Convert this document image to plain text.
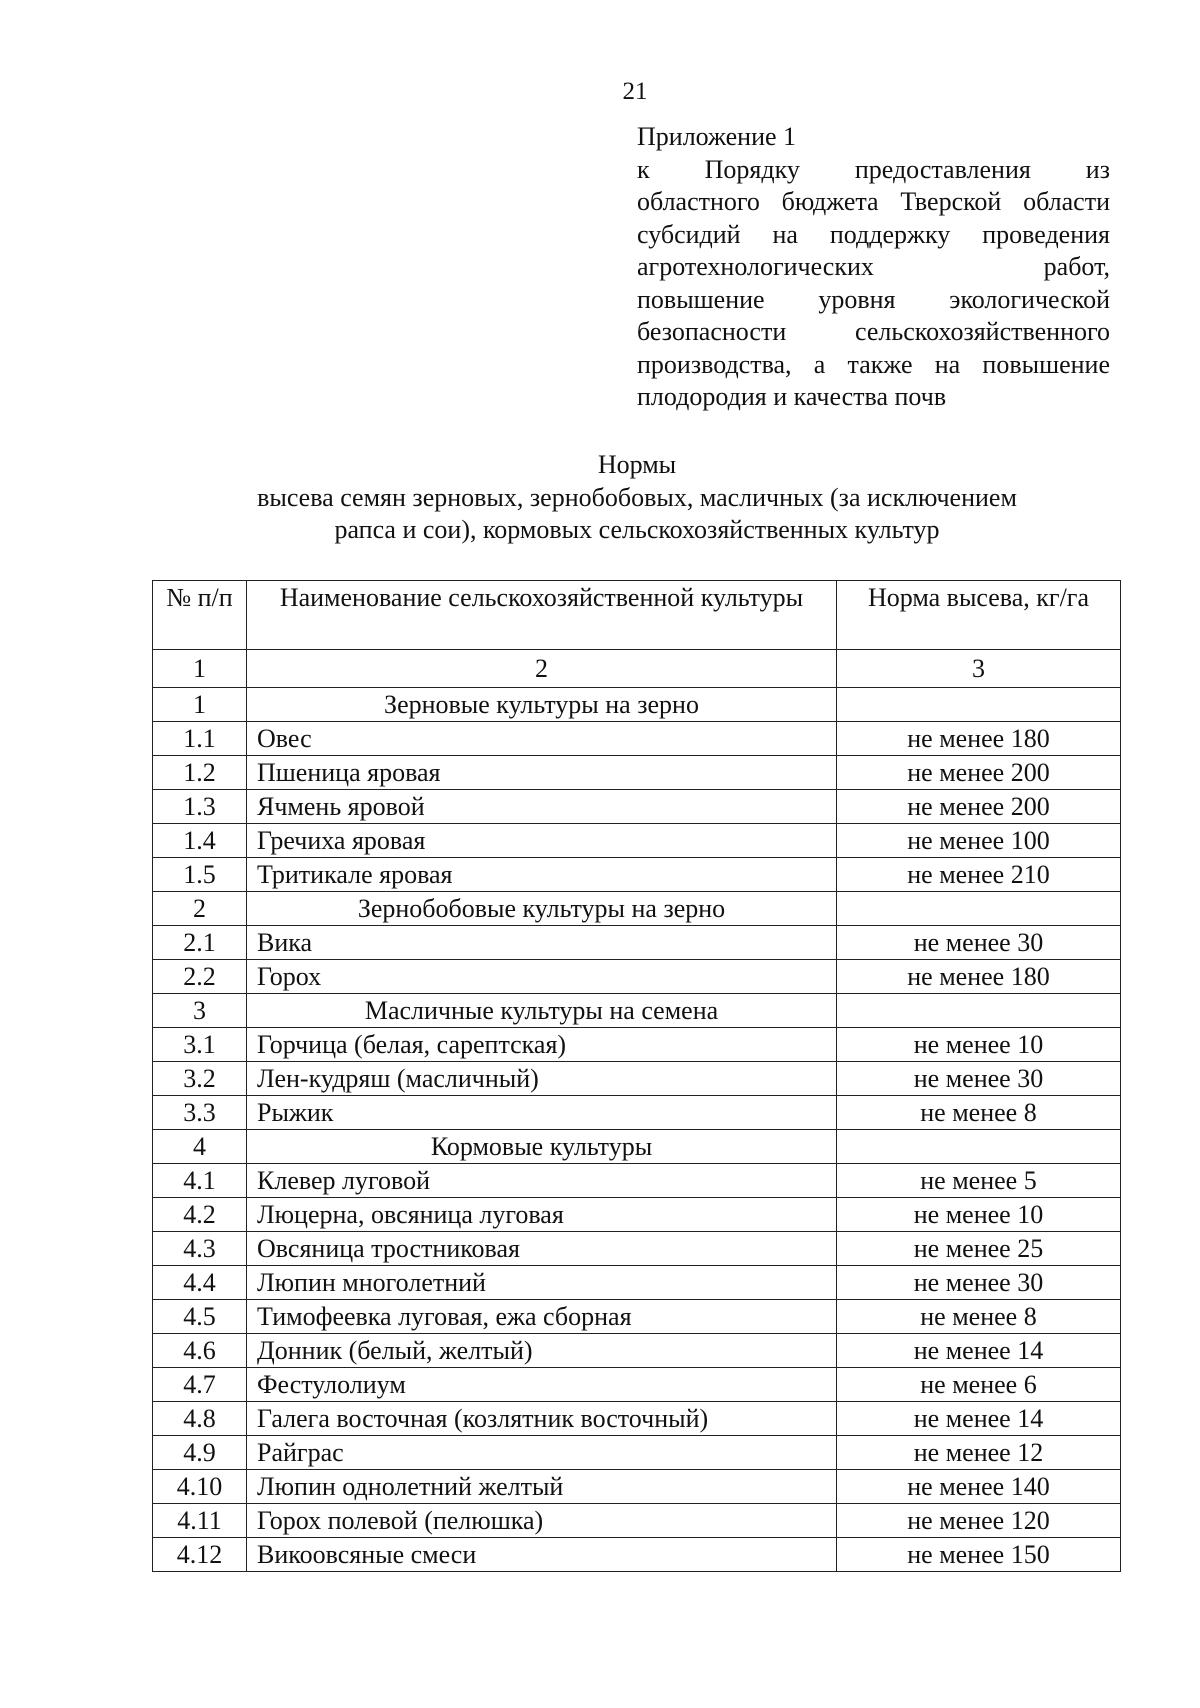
21
Приложение 1
к Порядку предоставления из
областного бюджета Тверской области
субсидий на поддержку проведения
агротехнологических работ,
повышение уровня экологической
безопасности сельскохозяйственного
производства, а также на повышение
плодородия и качества почв
Нормы
высева семян зерновых, зернобобовых, масличных (за исключением
рапса и сои), кормовых сельскохозяйственных культур
№ п/п	Наименование сельскохозяйственной культуры	Норма высева, кг/га
1	2	3
1	Зерновые культуры на зерно	
1.1	Овес	не менее 180
1.2	Пшеница яровая	не менее 200
1.3	Ячмень яровой	не менее 200
1.4	Гречиха яровая	не менее 100
1.5	Тритикале яровая	не менее 210
2	Зернобобовые культуры на зерно	
2.1	Вика	не менее 30
2.2	Горох	не менее 180
3	Масличные культуры на семена	
3.1	Горчица (белая, сарептская)	не менее 10
3.2	Лен-кудряш (масличный)	не менее 30
3.3	Рыжик	не менее 8
4	Кормовые культуры	
4.1	Клевер луговой	не менее 5
4.2	Люцерна, овсяница луговая	не менее 10
4.3	Овсяница тростниковая	не менее 25
4.4	Люпин многолетний	не менее 30
4.5	Тимофеевка луговая, ежа сборная	не менее 8
4.6	Донник (белый, желтый)	не менее 14
4.7	Фестулолиум	не менее 6
4.8	Галега восточная (козлятник восточный)	не менее 14
4.9	Райграс	не менее 12
4.10	Люпин однолетний желтый	не менее 140
4.11	Горох полевой (пелюшка)	не менее 120
4.12	Викоовсяные смеси	не менее 150
